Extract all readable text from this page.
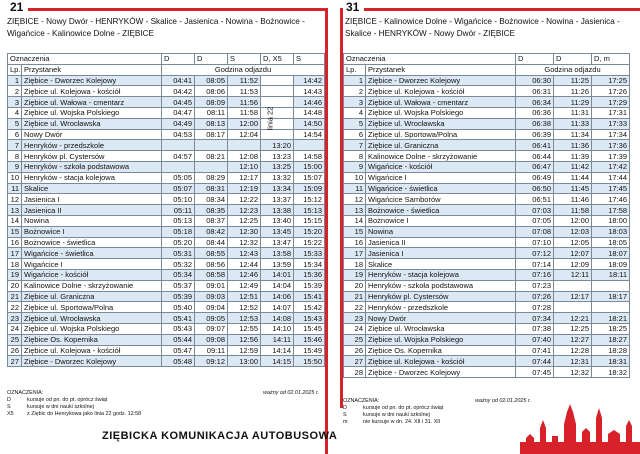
21
ZIĘBICE - Nowy Dwór - HENRYKÓW - Skalice - Jasienica - Nowina - Bożnowice - Wigańcice - Kalinowice Dolne - ZIĘBICE
31
ZIĘBICE - Kalinowice Dolne - Wigańcice - Bożnowice - Nowina - Jasienica - Skalice - HENRYKÓW - Nowy Dwór - ZIĘBICE
Oznaczenia		D	D	S	D, X5	S
Lp.	Przystanek	Godzina odjazdu				
1	Ziębice - Dworzec Kolejowy	04:41	08:05	11:52		14:42
2	Ziębice ul. Kolejowa - kościół	04:42	08:06	11:53		14:43
3	Ziębice ul. Wałowa - cmentarz	04:45	08:09	11:56		14:46
4	Ziębice ul. Wojska Polskiego	04:47	08:11	11:58		14:48
5	Ziębice ul. Wrocławska	04:49	08:13	12:00		14:50
6	Nowy Dwór	04:53	08:17	12:04		14:54
7	Henryków - przedszkole				13:20	
8	Henryków pl. Cystersów	04:57	08:21	12:08	13:23	14:58
9	Henryków - szkoła podstawowa			12:10	13:25	15:00
10	Henryków - stacja kolejowa	05:05	08:29	12:17	13:32	15:07
11	Skalice	05:07	08:31	12:19	13:34	15:09
12	Jasienica I	05:10	08:34	12:22	13:37	15:12
13	Jasienica II	05:11	08:35	12:23	13:38	15:13
14	Nowina	05:13	08:37	12:25	13:40	15:15
15	Bożnowice I	05:18	08:42	12:30	13:45	15:20
16	Bożnowice - świetlica	05:20	08:44	12:32	13:47	15:22
17	Wigańcice - świetlica	05:31	08:55	12:43	13:58	15:33
18	Wigańcice I	05:32	08:56	12:44	13:59	15:34
19	Wigańcice - kościół	05:34	08:58	12:46	14:01	15:36
20	Kalinowice Dolne - skrzyżowanie	05:37	09:01	12:49	14:04	15:39
21	Ziębice ul. Graniczna	05:39	09:03	12:51	14:06	15:41
22	Ziębice ul. Sportowa/Polna	05:40	09:04	12:52	14:07	15:42
23	Ziębice ul. Wrocławska	05:41	09:05	12:53	14:08	15:43
24	Ziębice ul. Wojska Polskiego	05:43	09:07	12:55	14:10	15:45
25	Ziębice Os. Kopernika	05:44	09:08	12:56	14:11	15:46
26	Ziębice ul. Kolejowa - kościół	05:47	09:11	12:59	14:14	15:49
27	Ziębice - Dworzec Kolejowy	05:48	09:12	13:00	14:15	15:50
linia 22
Oznaczenia		D	D	D, m
Lp.	Przystanek	Godzina odjazdu		
1	Ziębice - Dworzec Kolejowy	06:30	11:25	17:25
2	Ziębice ul. Kolejowa - kościół	06:31	11:26	17:26
3	Ziębice ul. Wałowa - cmentarz	06:34	11:29	17:29
4	Ziębice ul. Wojska Polskiego	06:36	11:31	17:31
5	Ziębice ul. Wrocławska	06:38	11:33	17:33
6	Ziębice ul. Sportowa/Polna	06:39	11:34	17:34
7	Ziębice ul. Graniczna	06:41	11:36	17:36
8	Kalinowice Dolne - skrzyżowanie	06:44	11:39	17:39
9	Wigańcice - kościół	06:47	11:42	17:42
10	Wigańcice I	06:49	11:44	17:44
11	Wigańcice - świetlica	06:50	11:45	17:45
12	Wigańcice Samborów	06:51	11:46	17:46
13	Bożnowice - świetlica	07:03	11:58	17:58
14	Bożnowice I	07:05	12:00	18:00
15	Nowina	07:08	12:03	18:03
16	Jasienica II	07:10	12:05	18:05
17	Jasienica I	07:12	12:07	18:07
18	Skalice	07:14	12:09	18:09
19	Henryków - stacja kolejowa	07:16	12:11	18:11
20	Henryków - szkoła podstawowa	07:23		
21	Henryków pl. Cystersów	07:26	12:17	18:17
22	Henryków - przedszkole	07:28		
23	Nowy Dwór	07:34	12:21	18:21
24	Ziębice ul. Wrocławska	07:38	12:25	18:25
25	Ziębice ul. Wojska Polskiego	07:40	12:27	18:27
26	Ziębice Os. Kopernika	07:41	12:28	18:28
27	Ziębice ul. Kolejowa - kościół	07:44	12:31	18:31
28	Ziębice - Dworzec Kolejowy	07:45	12:32	18:32
OZNACZENIA:	ważny od 02.01.2025 r.
D	kursuje od pn. do pt. oprócz świąt
S	kursuje w dni nauki szkolnej
X5 z Ziębic do Henrykowa jako linia 22 godz. 12:58
ZIĘBICKA KOMUNIKACJA AUTOBUSOWA
OZNACZENIA:	ważny od 02.01.2025 r.
D	kursuje od pn. do pt. oprócz świąt
S	kursuje w dni nauki szkolnej
m	nie kursuje w dn. 24. XII i 31. XII
